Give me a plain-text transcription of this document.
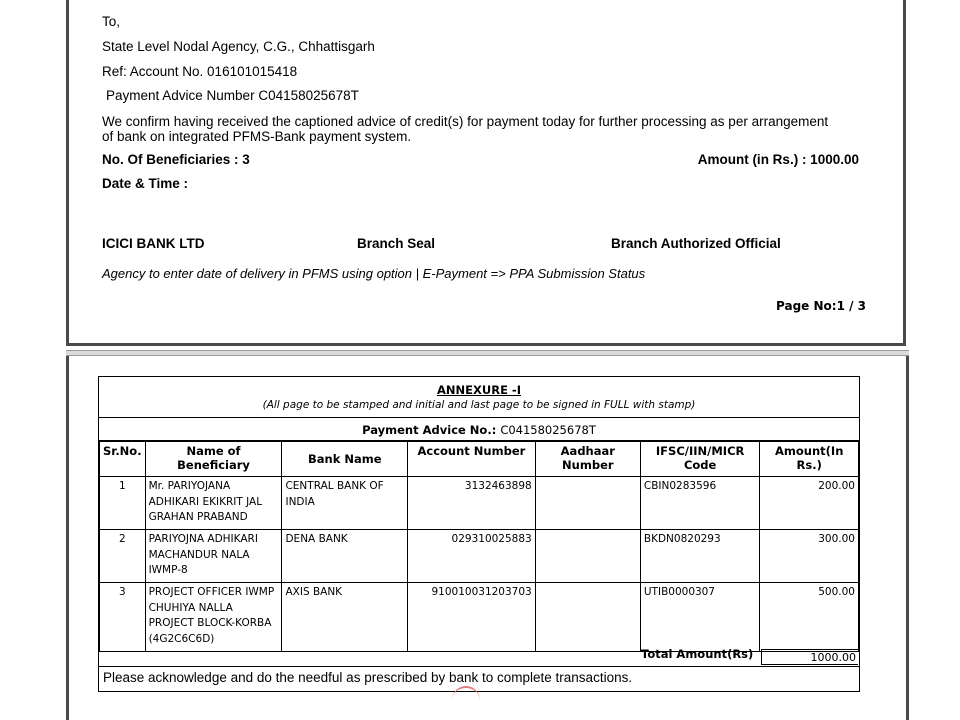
To,
State Level Nodal Agency, C.G., Chhattisgarh
Ref: Account No. 016101015418
Payment Advice Number C04158025678T
We confirm having received the captioned advice of credit(s) for payment today for further processing as per arrangement
of bank on integrated PFMS-Bank payment system.
No. Of Beneficiaries : 3	Amount (in Rs.) : 1000.00
Date & Time :
ICICI BANK LTD	Branch Seal	Branch Authorized Official
Agency to enter date of delivery in PFMS using option | E-Payment => PPA Submission Status
Page No:1 / 3
ANNEXURE -I
(All page to be stamped and initial and last page to be signed in FULL with stamp)
Payment Advice No.: C04158025678T
Sr.No.	Name of Beneficiary	Bank Name	Account Number	Aadhaar Number	IFSC/IIN/MICR Code	Amount(In Rs.)
1	Mr. PARIYOJANA ADHIKARI EKIKRIT JAL GRAHAN PRABAND	CENTRAL BANK OF INDIA	3132463898		CBIN0283596	200.00
2	PARIYOJNA ADHIKARI MACHANDUR NALA IWMP-8	DENA BANK	029310025883		BKDN0820293	300.00
3	PROJECT OFFICER IWMP CHUHIYA NALLA PROJECT BLOCK-KORBA (4G2C6C6D)	AXIS BANK	910010031203703		UTIB0000307	500.00
Total Amount(Rs)	1000.00
Please acknowledge and do the needful as prescribed by bank to complete transactions.
